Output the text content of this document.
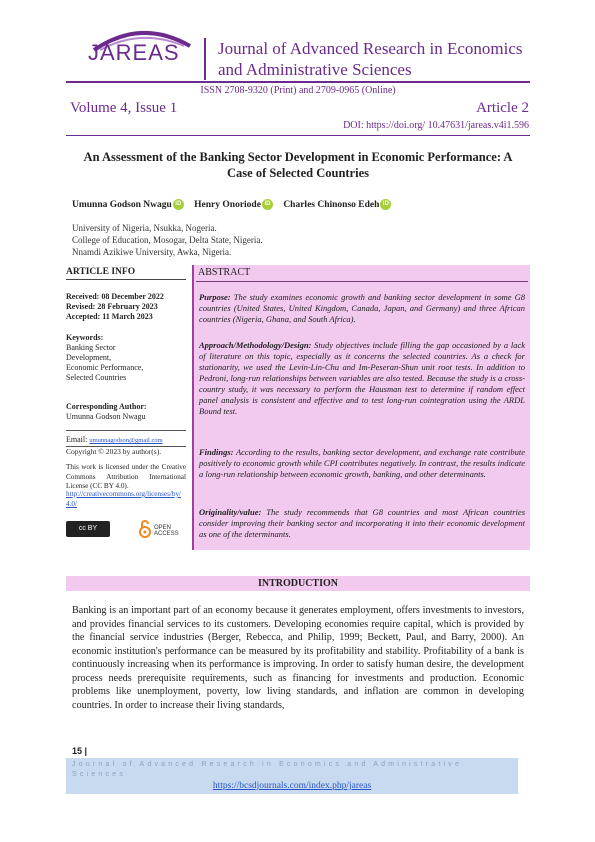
JAREAS Journal of Advanced Research in Economics and Administrative Sciences
ISSN 2708-9320 (Print) and 2709-0965 (Online)
Volume 4, Issue 1	Article 2
DOI: https://doi.org/ 10.47631/jareas.v4i1.596
An Assessment of the Banking Sector Development in Economic Performance: A Case of Selected Countries
Umunna Godson Nwagu iD Henry Onoriode iD Charles Chinonso Edeh iD
University of Nigeria, Nsukka, Nogeria.
College of Education, Mosogar, Delta State, Nigeria.
Nnamdi Azikiwe University, Awka, Nigeria.
ARTICLE INFO
Received: 08 December 2022
Revised: 28 February 2023
Accepted: 11 March 2023
Keywords:
Banking Sector
Development,
Economic Performance,
Selected Countries
Corresponding Author:
Umunna Godson Nwagu
Email: umunnagodson@gmail.com
Copyright © 2023 by author(s).
This work is licensed under the Creative Commons Attribution International License (CC BY 4.0).
http://creativecommons.org/licenses/by/4.0/
cc BY	OPEN ACCESS
ABSTRACT
Purpose: The study examines economic growth and banking sector development in some G8 countries (United States, United Kingdom, Canada, Japan, and Germany) and three African countries (Nigeria, Ghana, and South Africa).
Approach/Methodology/Design: Study objectives include filling the gap occasioned by a lack of literature on this topic, especially as it concerns the selected countries. As a check for stationarity, we used the Levin-Lin-Chu and Im-Peseran-Shun unit root tests. In addition to Pedroni, long-run relationships between variables are also tested. Because the study is a cross-country study, it was necessary to perform the Hausman test to determine if random effect panel analysis is consistent and effective and to test long-run cointegration using the ARDL Bound test.
Findings: According to the results, banking sector development, and exchange rate contribute positively to economic growth while CPI contributes negatively. In contrast, the results indicate a long-run relationship between economic growth, banking, and other determinants.
Originality/value: The study recommends that G8 countries and most African countries consider improving their banking sector and incorporating it into their economic development as one of the determinants.
INTRODUCTION
Banking is an important part of an economy because it generates employment, offers investments to investors, and provides financial services to its customers. Developing economies require capital, which is provided by the financial service industries (Berger, Rebecca, and Philip, 1999; Beckett, Paul, and Barry, 2000). An economic institution's performance can be measured by its profitability and stability. Profitability of a bank is continuously increasing when its performance is improving. In order to satisfy human desire, the development process needs prerequisite requirements, such as financing for investments and production. Economic problems like unemployment, poverty, low living standards, and inflation are common in developing countries. In order to increase their living standards,
15 |
Journal of Advanced Research in Economics and Administrative Sciences
https://bcsdjournals.com/index.php/jareas
